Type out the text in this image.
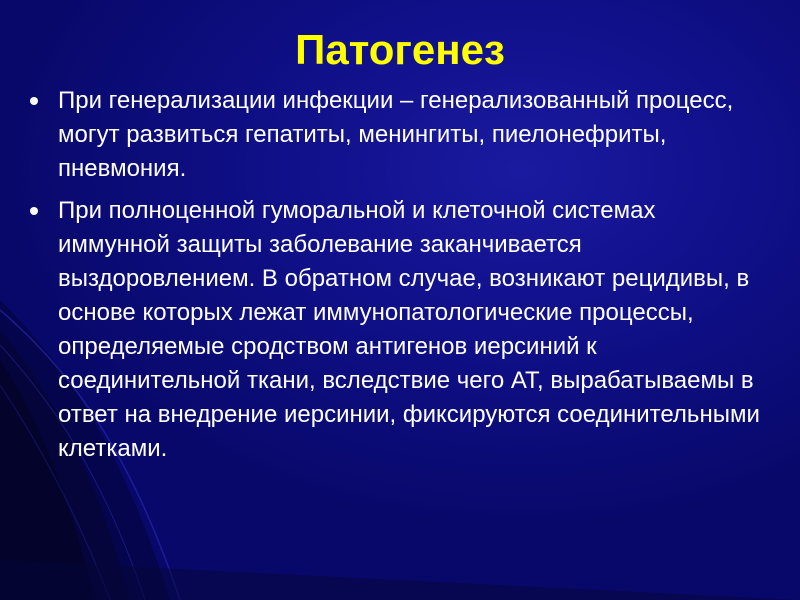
Патогенез
При генерализации инфекции – генерализованный процесс, могут развиться гепатиты, менингиты, пиелонефриты, пневмония.
При полноценной гуморальной и клеточной системах иммунной защиты заболевание заканчивается выздоровлением. В обратном случае, возникают рецидивы, в основе которых лежат иммунопатологические процессы, определяемые сродством антигенов иерсиний к соединительной ткани, вследствие чего АТ, вырабатываемы в ответ на внедрение иерсинии, фиксируются соединительными клетками.
